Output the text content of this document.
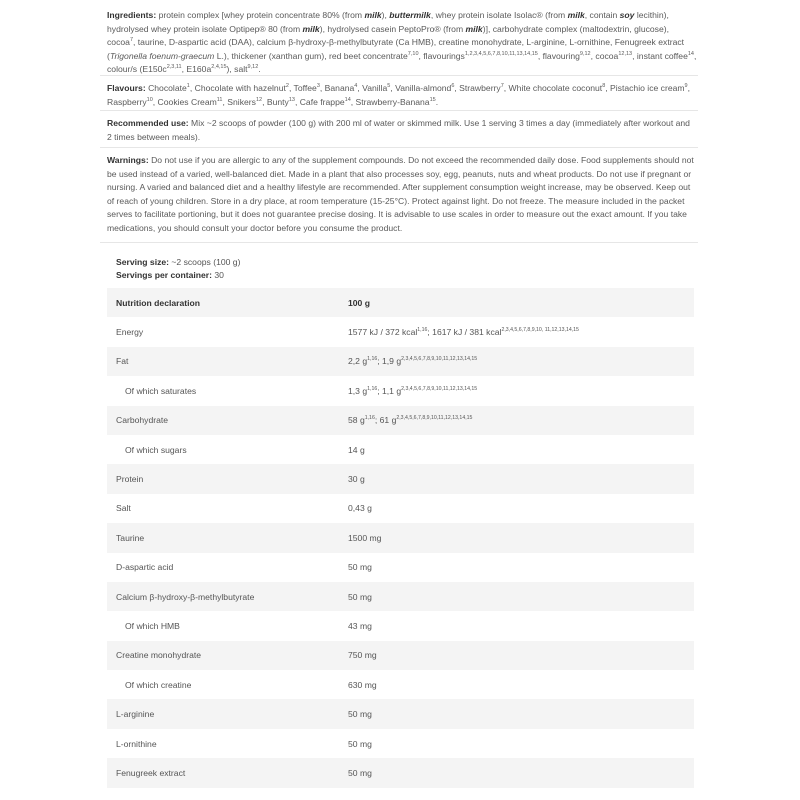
Ingredients: protein complex [whey protein concentrate 80% (from milk), buttermilk, whey protein isolate Isolac® (from milk, contain soy lecithin), hydrolysed whey protein isolate Optipep® 80 (from milk), hydrolysed casein PeptoPro® (from milk)], carbohydrate complex (maltodextrin, glucose), cocoa$^7$, taurine, D-aspartic acid (DAA), calcium β-hydroxy-β-methylbutyrate (Ca HMB), creatine monohydrate, L-arginine, L-ornithine, Fenugreek extract (Trigonella foenum-graecum L.), thickener (xanthan gum), red beet concentrate$^{7,10}$, flavourings$^{1,2,3,4,5,6,7,8,10,11,13,14,15}$, flavouring$^{9,12}$, cocoa$^{12,13}$, instant coffee$^{14}$, colour/s ($E150c^{2,3,11}$, $E160a^{2,4,15}$), salt$^{9,12}$.
Flavours: Chocolate$^1$, Chocolate with hazelnut$^2$, Toffee$^3$, Banana$^4$, Vanilla$^5$, Vanilla-almond$^6$, Strawberry$^7$, White chocolate coconut$^8$, Pistachio ice cream$^9$, Raspberry$^{10}$, Cookies Cream$^{11}$, Snikers$^{12}$, Bunty$^{13}$, Cafe frappe$^{14}$, Strawberry-Banana$^{15}$.
Recommended use: Mix ~2 scoops of powder (100 g) with 200 ml of water or skimmed milk. Use 1 serving 3 times a day (immediately after workout and 2 times between meals).
Warnings: Do not use if you are allergic to any of the supplement compounds. Do not exceed the recommended daily dose. Food supplements should not be used instead of a varied, well-balanced diet. Made in a plant that also processes soy, egg, peanuts, nuts and wheat products. Do not use if pregnant or nursing. A varied and balanced diet and a healthy lifestyle are recommended. After supplement consumption weight increase, may be observed. Keep out of reach of young children. Store in a dry place, at room temperature (15-25°C). Protect against light. Do not freeze. The measure included in the packet serves to facilitate portioning, but it does not guarantee precise dosing. It is advisable to use scales in order to measure out the exact amount. If you take medications, you should consult your doctor before you consume the product.
Serving size: ~2 scoops (100 g)
Servings per container: 30
Nutrition declaration	100 g
Energy	1577 kJ / 372 kcal$^{1,16}$; 1617 kJ / 381 kcal$^{2,3,4,5,6,7,8,9,10, 11,12,13,14,15}$
Fat	2,2 $g^{1,16}$; 1,9 $g^{2,3,4,5,6,7,8,9,10,11,12,13,14,15}$
Of which saturates	1,3 $g^{1,16}$; 1,1 $g^{2,3,4,5,6,7,8,9,10,11,12,13,14,15}$
Carbohydrate	58 $g^{1,16}$; 61 $g^{2,3,4,5,6,7,8,9,10,11,12,13,14,15}$
Of which sugars	14 g
Protein	30 g
Salt	0,43 g
Taurine	1500 mg
D-aspartic acid	50 mg
Calcium β-hydroxy-β-methylbutyrate	50 mg
Of which HMB	43 mg
Creatine monohydrate	750 mg
Of which creatine	630 mg
L-arginine	50 mg
L-ornithine	50 mg
Fenugreek extract	50 mg
